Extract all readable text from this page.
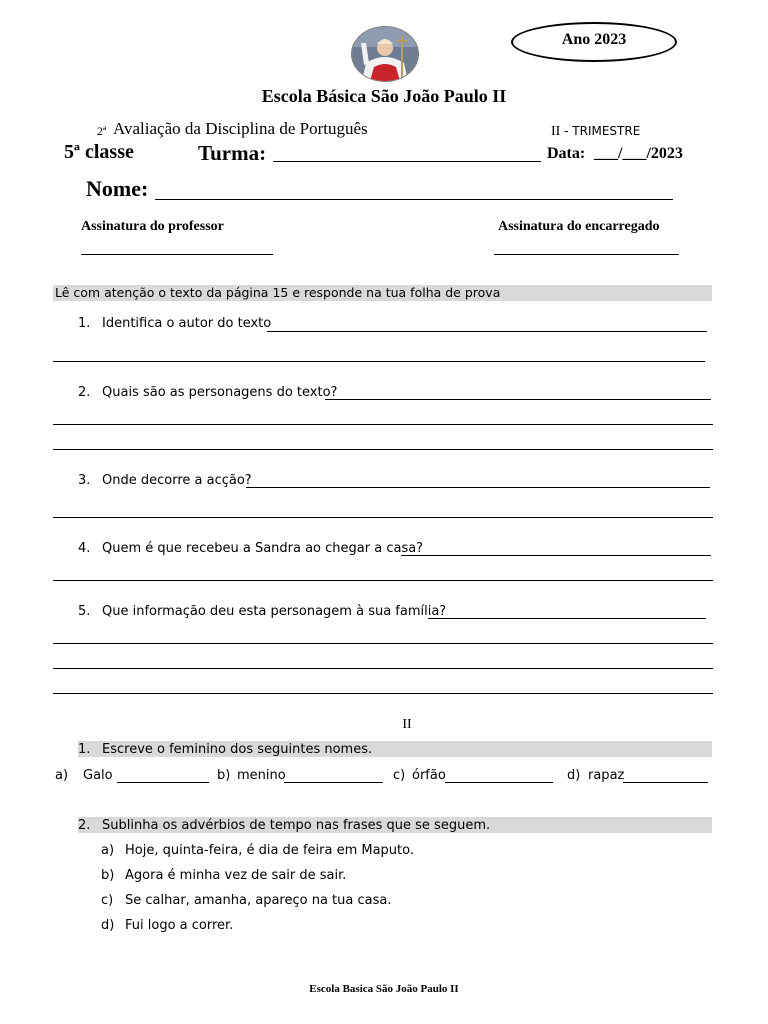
Ano 2023
Escola Básica São João Paulo II
2ª Avaliação da Disciplina de Português	II - TRIMESTRE
5ª classe	Turma:	Data: ___/___/2023
Nome:
Assinatura do professor	Assinatura do encarregado
Lê com atenção o texto da página 15 e responde na tua folha de prova
1. Identifica o autor do texto
2. Quais são as personagens do texto?
3. Onde decorre a acção?
4. Quem é que recebeu a Sandra ao chegar a casa?
5. Que informação deu esta personagem à sua família?
II
1. Escreve o feminino dos seguintes nomes.
a) Galo	b) menino	c) órfão	d) rapaz
2. Sublinha os advérbios de tempo nas frases que se seguem.
a) Hoje, quinta-feira, é dia de feira em Maputo.
b) Agora é minha vez de sair de sair.
c) Se calhar, amanha, apareço na tua casa.
d) Fui logo a correr.
Escola Basica São João Paulo II
